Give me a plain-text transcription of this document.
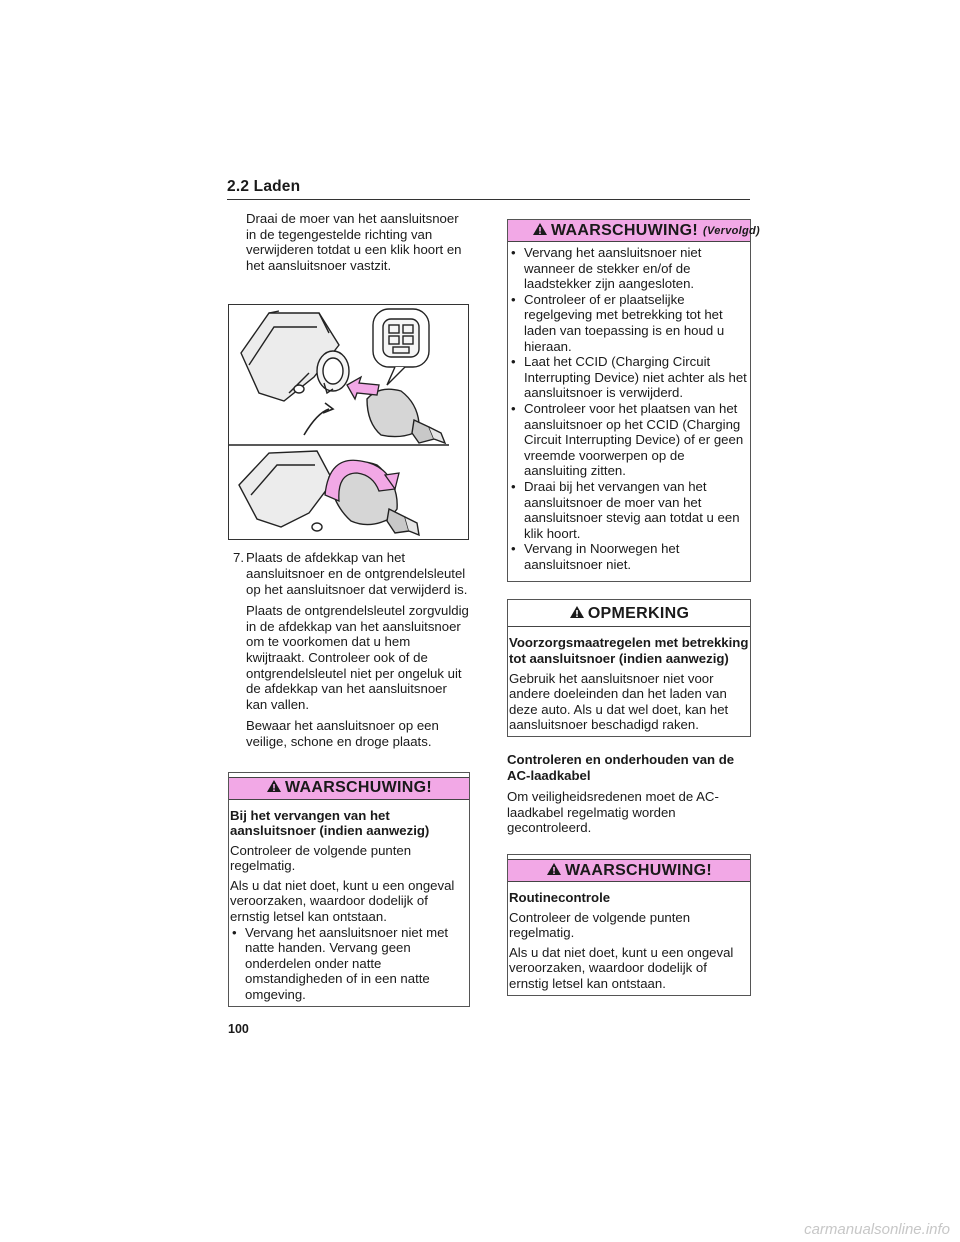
2.2 Laden

Draai de moer van het aansluitsnoer in de tegengestelde richting van verwijderen totdat u een klik hoort en het aansluitsnoer vastzit.

7. Plaats de afdekkap van het aansluitsnoer en de ontgrendelsleutel op het aansluitsnoer dat verwijderd is.

Plaats de ontgrendelsleutel zorgvuldig in de afdekkap van het aansluitsnoer om te voorkomen dat u hem kwijtraakt. Controleer ook of de ontgrendelsleutel niet per ongeluk uit de afdekkap van het aansluitsnoer kan vallen.

Bewaar het aansluitsnoer op een veilige, schone en droge plaats.

WAARSCHUWING!

Bij het vervangen van het aansluitsnoer (indien aanwezig)

Controleer de volgende punten regelmatig.

Als u dat niet doet, kunt u een ongeval veroorzaken, waardoor dodelijk of ernstig letsel kan ontstaan.

• Vervang het aansluitsnoer niet met natte handen. Vervang geen onderdelen onder natte omstandigheden of in een natte omgeving.
WAARSCHUWING! (Vervolgd)
• Vervang het aansluitsnoer niet wanneer de stekker en/of de laadstekker zijn aangesloten.
• Controleer of er plaatselijke regelgeving met betrekking tot het laden van toepassing is en houd u hieraan.
• Laat het CCID (Charging Circuit Interrupting Device) niet achter als het aansluitsnoer is verwijderd.
• Controleer voor het plaatsen van het aansluitsnoer op het CCID (Charging Circuit Interrupting Device) of er geen vreemde voorwerpen op de aansluiting zitten.
• Draai bij het vervangen van het aansluitsnoer de moer van het aansluitsnoer stevig aan totdat u een klik hoort.
• Vervang in Noorwegen het aansluitsnoer niet.
OPMERKING

Voorzorgsmaatregelen met betrekking tot aansluitsnoer (indien aanwezig)

Gebruik het aansluitsnoer niet voor andere doeleinden dan het laden van deze auto. Als u dat wel doet, kan het aansluitsnoer beschadigd raken.

Controleren en onderhouden van de AC-laadkabel

Om veiligheidsredenen moet de AC-laadkabel regelmatig worden gecontroleerd.

WAARSCHUWING!

Routinecontrole

Controleer de volgende punten regelmatig.

Als u dat niet doet, kunt u een ongeval veroorzaken, waardoor dodelijk of ernstig letsel kan ontstaan.

100
carmanualsonline.info
